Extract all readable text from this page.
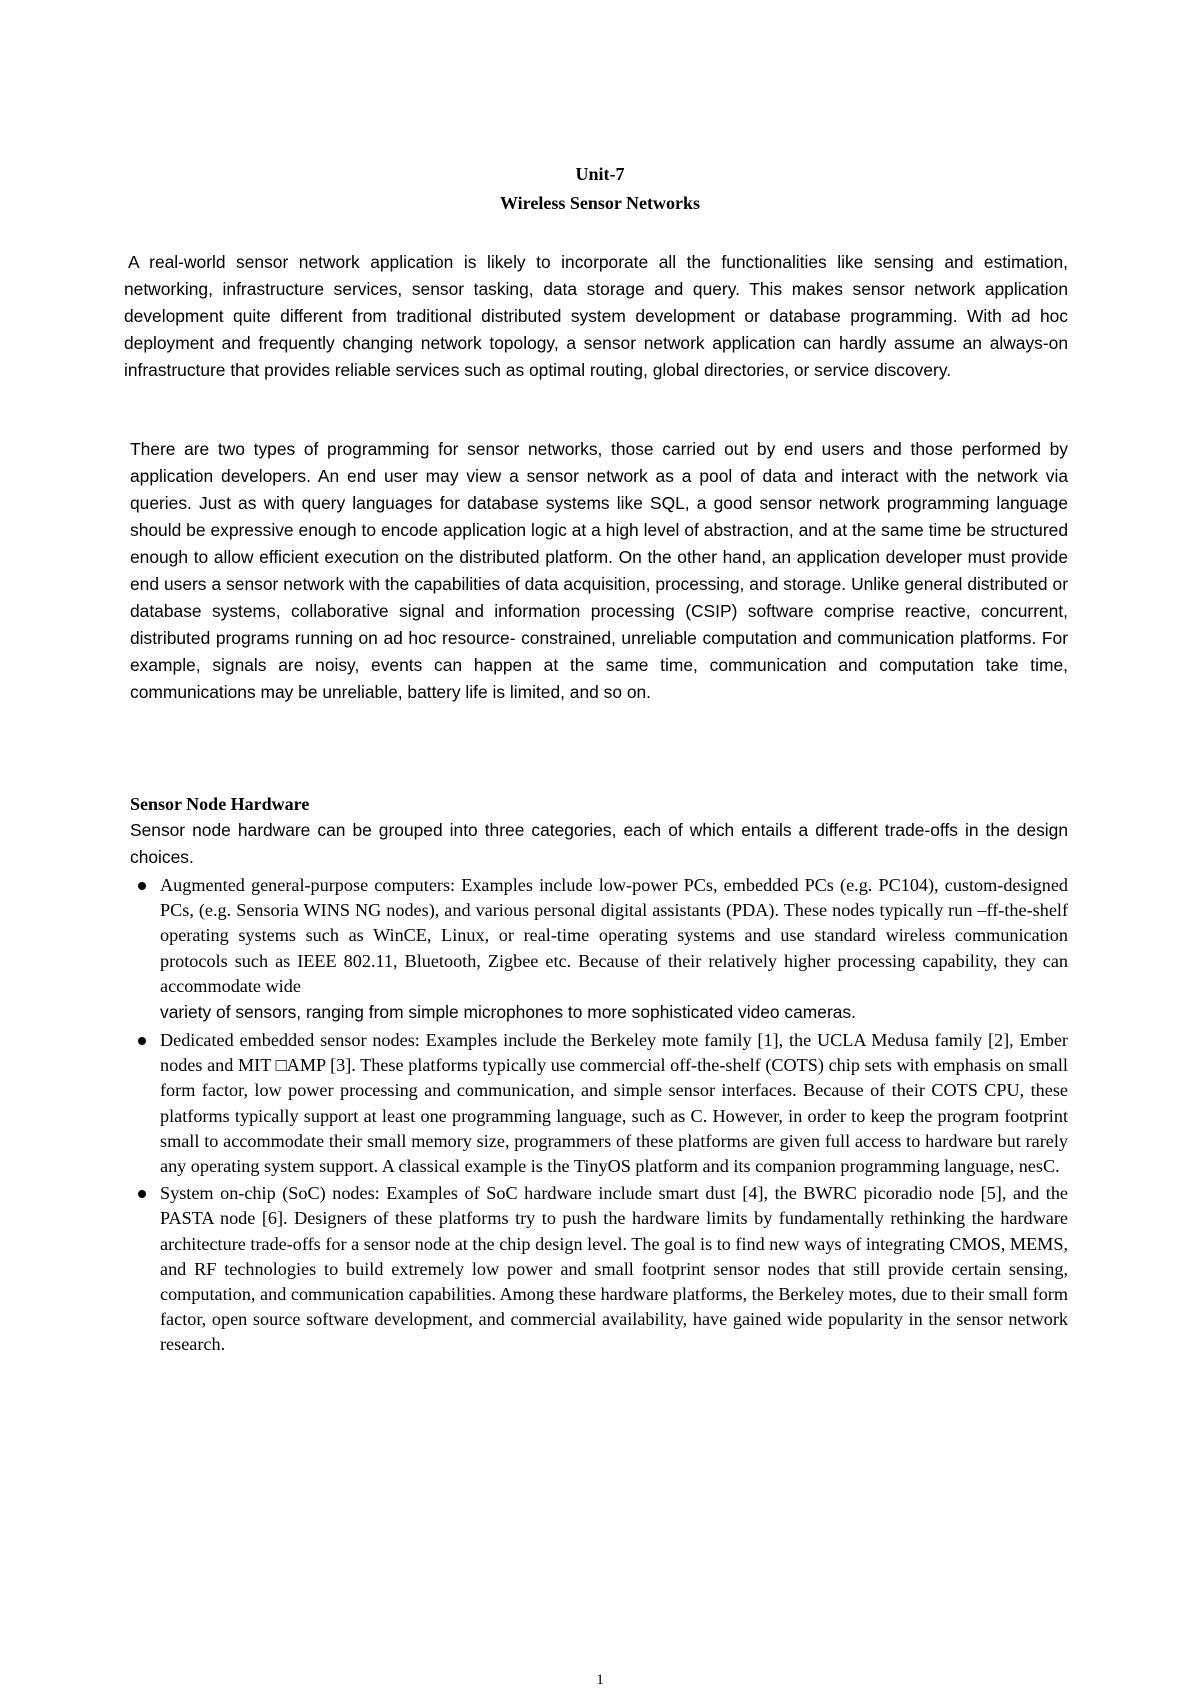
Unit-7
Wireless Sensor Networks

A real-world sensor network application is likely to incorporate all the functionalities like sensing and estimation, networking, infrastructure services, sensor tasking, data storage and query. This makes sensor network application development quite different from traditional distributed system development or database programming. With ad hoc deployment and frequently changing network topology, a sensor network application can hardly assume an always-on infrastructure that provides reliable services such as optimal routing, global directories, or service discovery.

There are two types of programming for sensor networks, those carried out by end users and those performed by application developers. An end user may view a sensor network as a pool of data and interact with the network via queries. Just as with query languages for database systems like SQL, a good sensor network programming language should be expressive enough to encode application logic at a high level of abstraction, and at the same time be structured enough to allow efficient execution on the distributed platform. On the other hand, an application developer must provide end users a sensor network with the capabilities of data acquisition, processing, and storage. Unlike general distributed or database systems, collaborative signal and information processing (CSIP) software comprise reactive, concurrent, distributed programs running on ad hoc resource- constrained, unreliable computation and communication platforms. For example, signals are noisy, events can happen at the same time, communication and computation take time, communications may be unreliable, battery life is limited, and so on.

Sensor Node Hardware

Sensor node hardware can be grouped into three categories, each of which entails a different trade-offs in the design choices.

Augmented general-purpose computers: Examples include low-power PCs, embedded PCs (e.g. PC104), custom-designed PCs, (e.g. Sensoria WINS NG nodes), and various personal digital assistants (PDA). These nodes typically run –ff-the-shelf operating systems such as WinCE, Linux, or real-time operating systems and use standard wireless communication protocols such as IEEE 802.11, Bluetooth, Zigbee etc. Because of their relatively higher processing capability, they can accommodate wide
variety of sensors, ranging from simple microphones to more sophisticated video cameras.
Dedicated embedded sensor nodes: Examples include the Berkeley mote family [1], the UCLA Medusa family [2], Ember nodes and MIT □AMP [3]. These platforms typically use commercial off-the-shelf (COTS) chip sets with emphasis on small form factor, low power processing and communication, and simple sensor interfaces. Because of their COTS CPU, these platforms typically support at least one programming language, such as C. However, in order to keep the program footprint small to accommodate their small memory size, programmers of these platforms are given full access to hardware but rarely any operating system support. A classical example is the TinyOS platform and its companion programming language, nesC.
System on-chip (SoC) nodes: Examples of SoC hardware include smart dust [4], the BWRC picoradio node [5], and the PASTA node [6]. Designers of these platforms try to push the hardware limits by fundamentally rethinking the hardware architecture trade-offs for a sensor node at the chip design level. The goal is to find new ways of integrating CMOS, MEMS, and RF technologies to build extremely low power and small footprint sensor nodes that still provide certain sensing, computation, and communication capabilities. Among these hardware platforms, the Berkeley motes, due to their small form factor, open source software development, and commercial availability, have gained wide popularity in the sensor network research.
1
